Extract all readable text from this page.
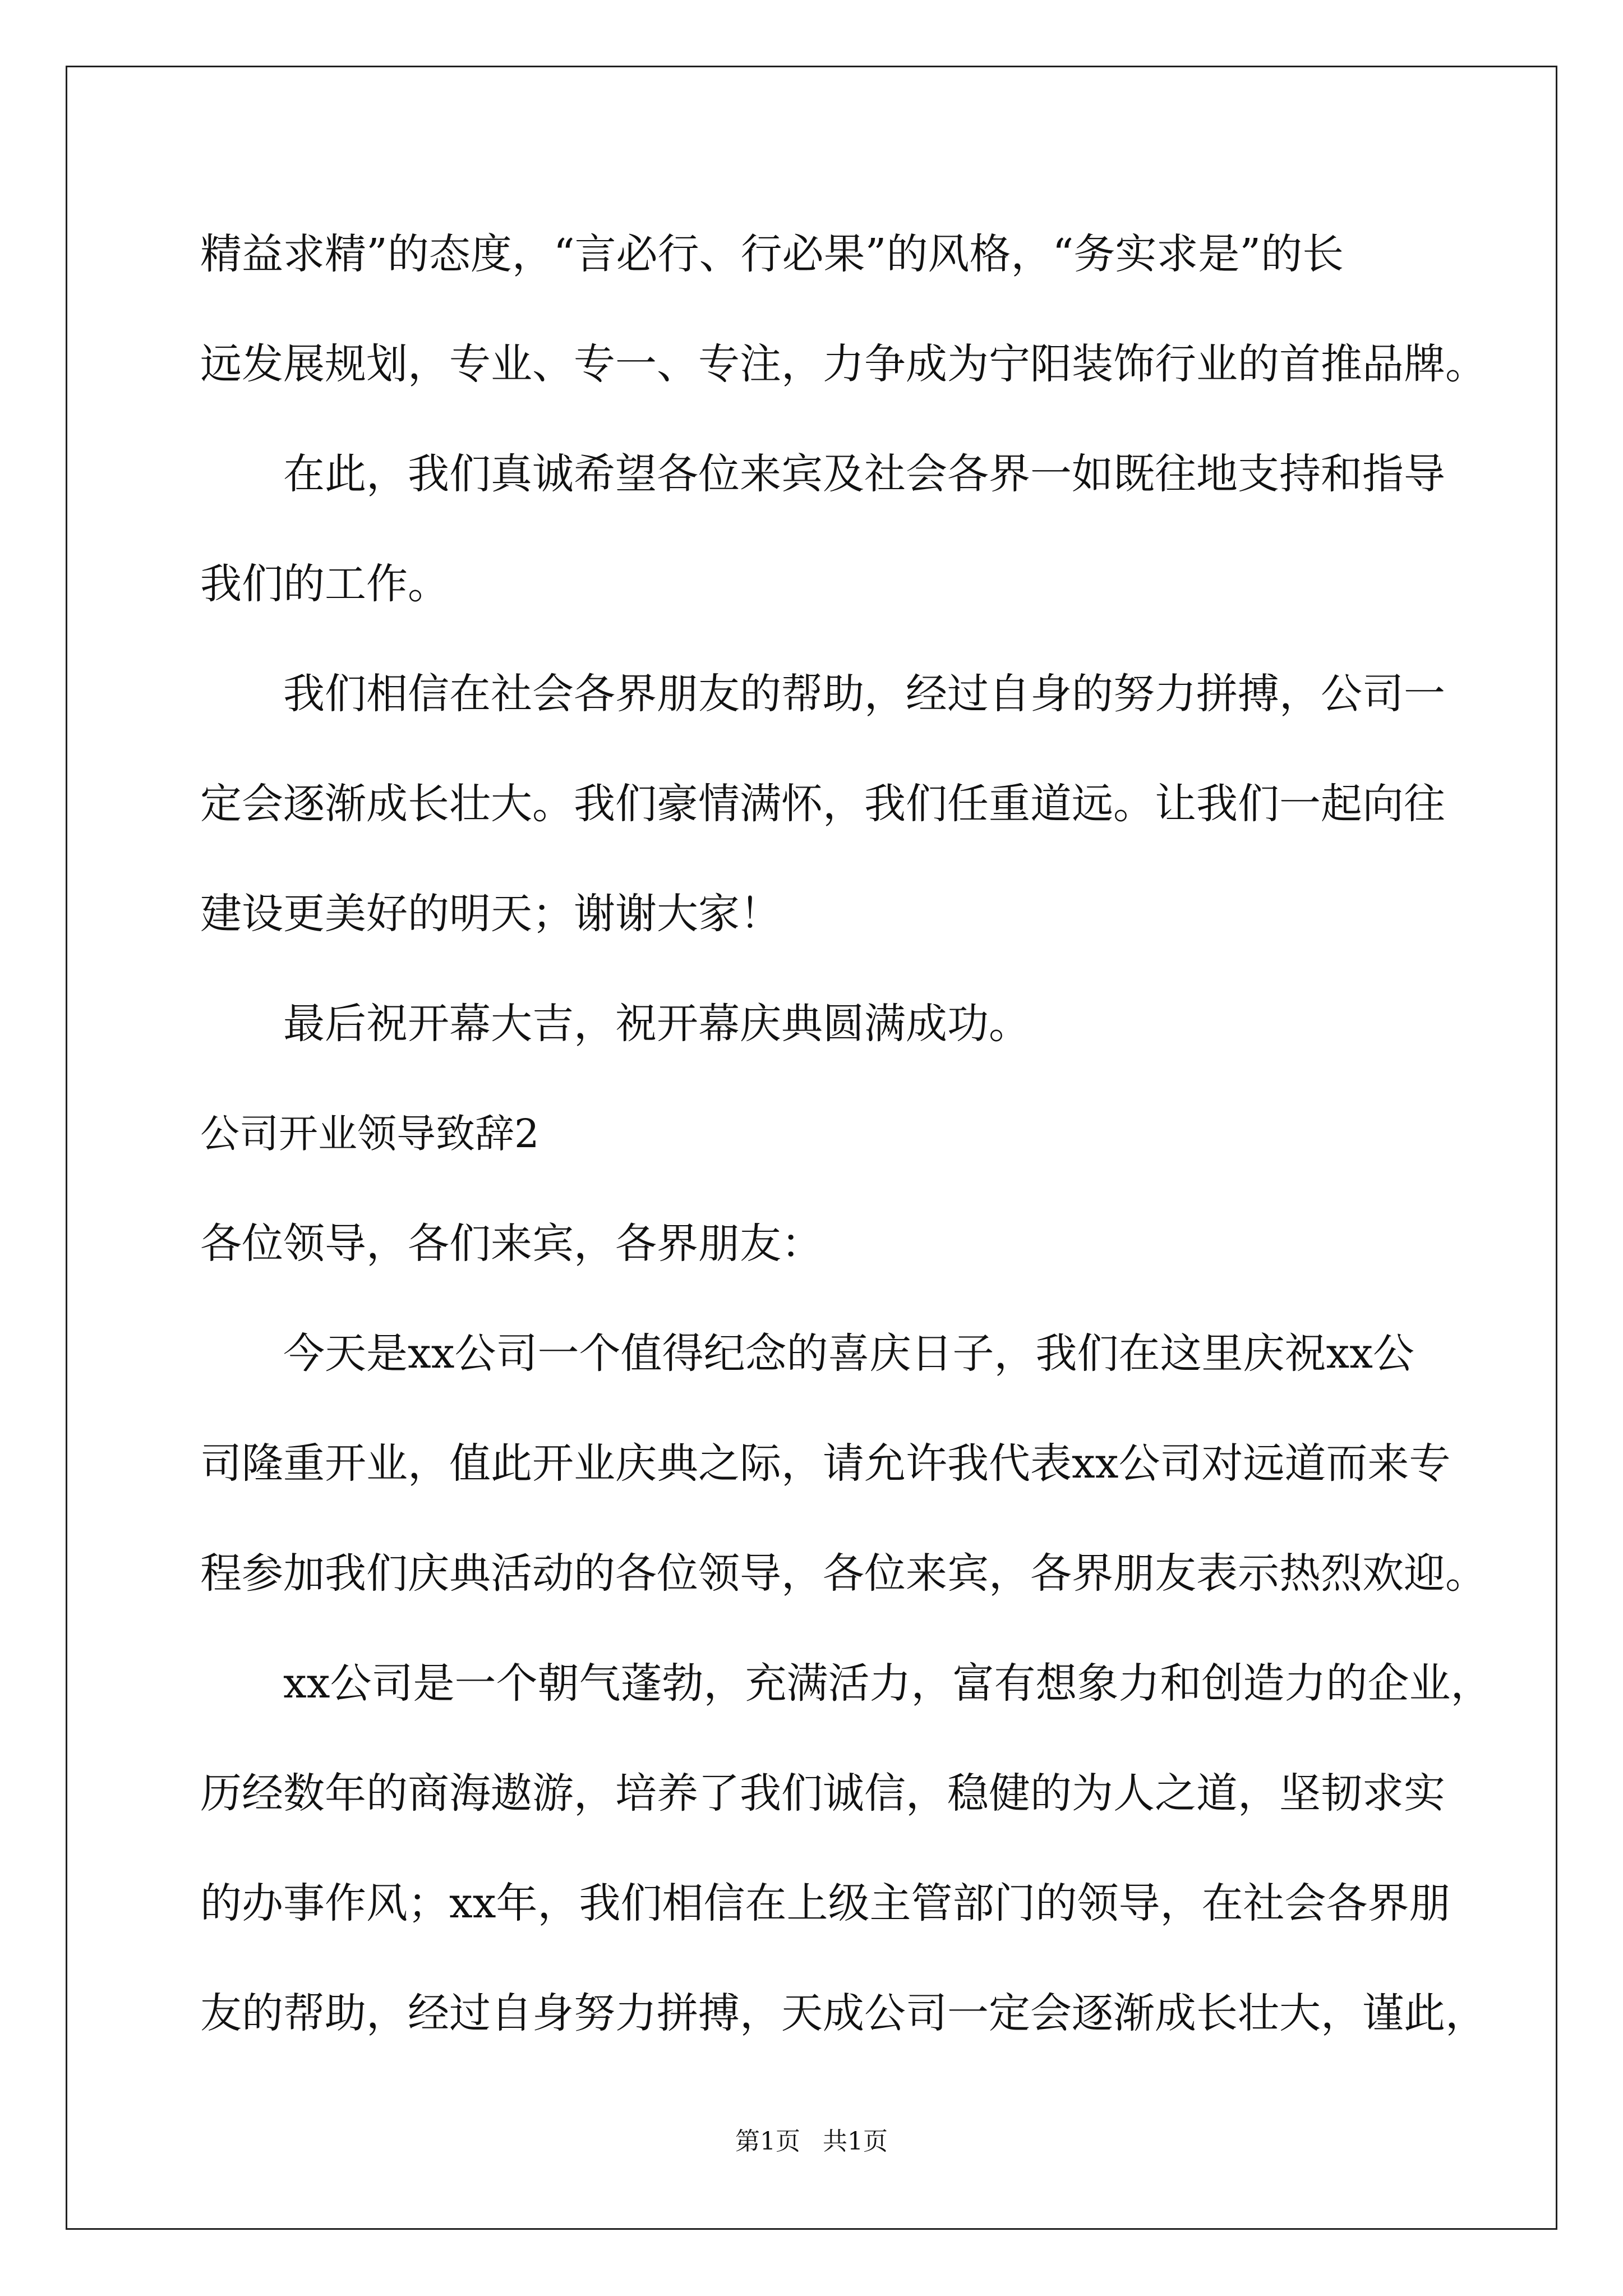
精益求精”的态度，“言必行、行必果”的风格，“务实求是”的长
远发展规划，专业、专一、专注，力争成为宁阳装饰行业的首推品牌。
在此，我们真诚希望各位来宾及社会各界一如既往地支持和指导
我们的工作。
我们相信在社会各界朋友的帮助，经过自身的努力拼搏，公司一
定会逐渐成长壮大。我们豪情满怀，我们任重道远。让我们一起向往
建设更美好的明天；谢谢大家！
最后祝开幕大吉，祝开幕庆典圆满成功。
公司开业领导致辞2
各位领导，各们来宾，各界朋友：
今天是xx公司一个值得纪念的喜庆日子，我们在这里庆祝xx公
司隆重开业，值此开业庆典之际，请允许我代表xx公司对远道而来专
程参加我们庆典活动的各位领导，各位来宾，各界朋友表示热烈欢迎。
xx公司是一个朝气蓬勃，充满活力，富有想象力和创造力的企业，
历经数年的商海遨游，培养了我们诚信，稳健的为人之道，坚韧求实
的办事作风；xx年，我们相信在上级主管部门的领导，在社会各界朋
友的帮助，经过自身努力拼搏，天成公司一定会逐渐成长壮大，谨此，
第1页 共1页
